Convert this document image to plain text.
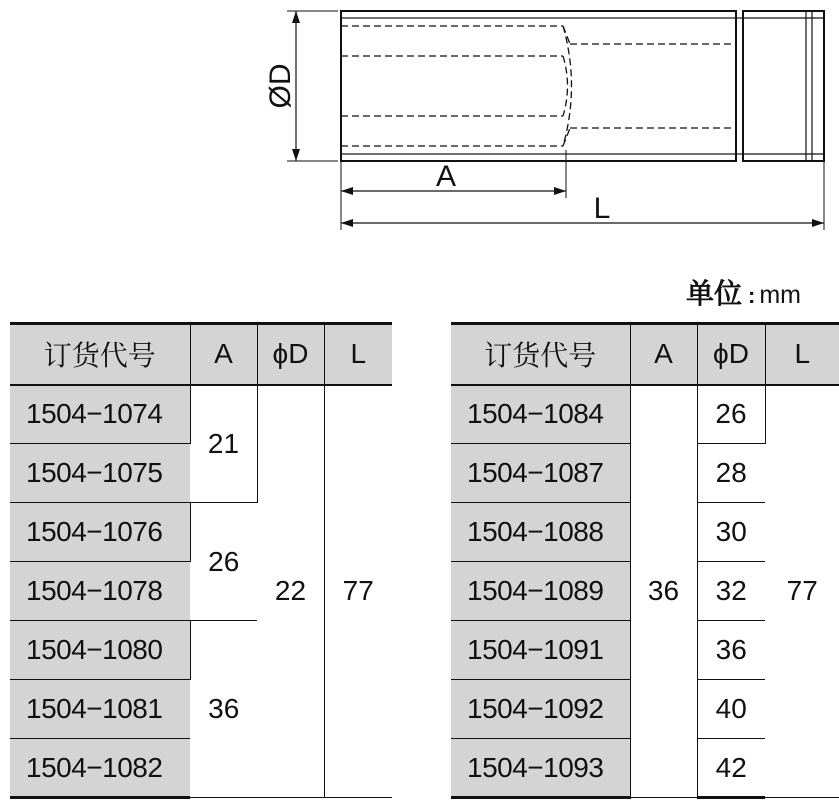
ØD
A
L
单位 : mm
订货代号	A	ϕD	L
1504−1074	21	22	77
1504−1075			
1504−1076	26		
1504−1078			
1504−1080	36		
1504−1081			
1504−1082			
订货代号	A	ϕD	L
1504−1084	36	26	77
1504−1087		28	
1504−1088		30	
1504−1089		32	
1504−1091		36	
1504−1092		40	
1504−1093		42	
